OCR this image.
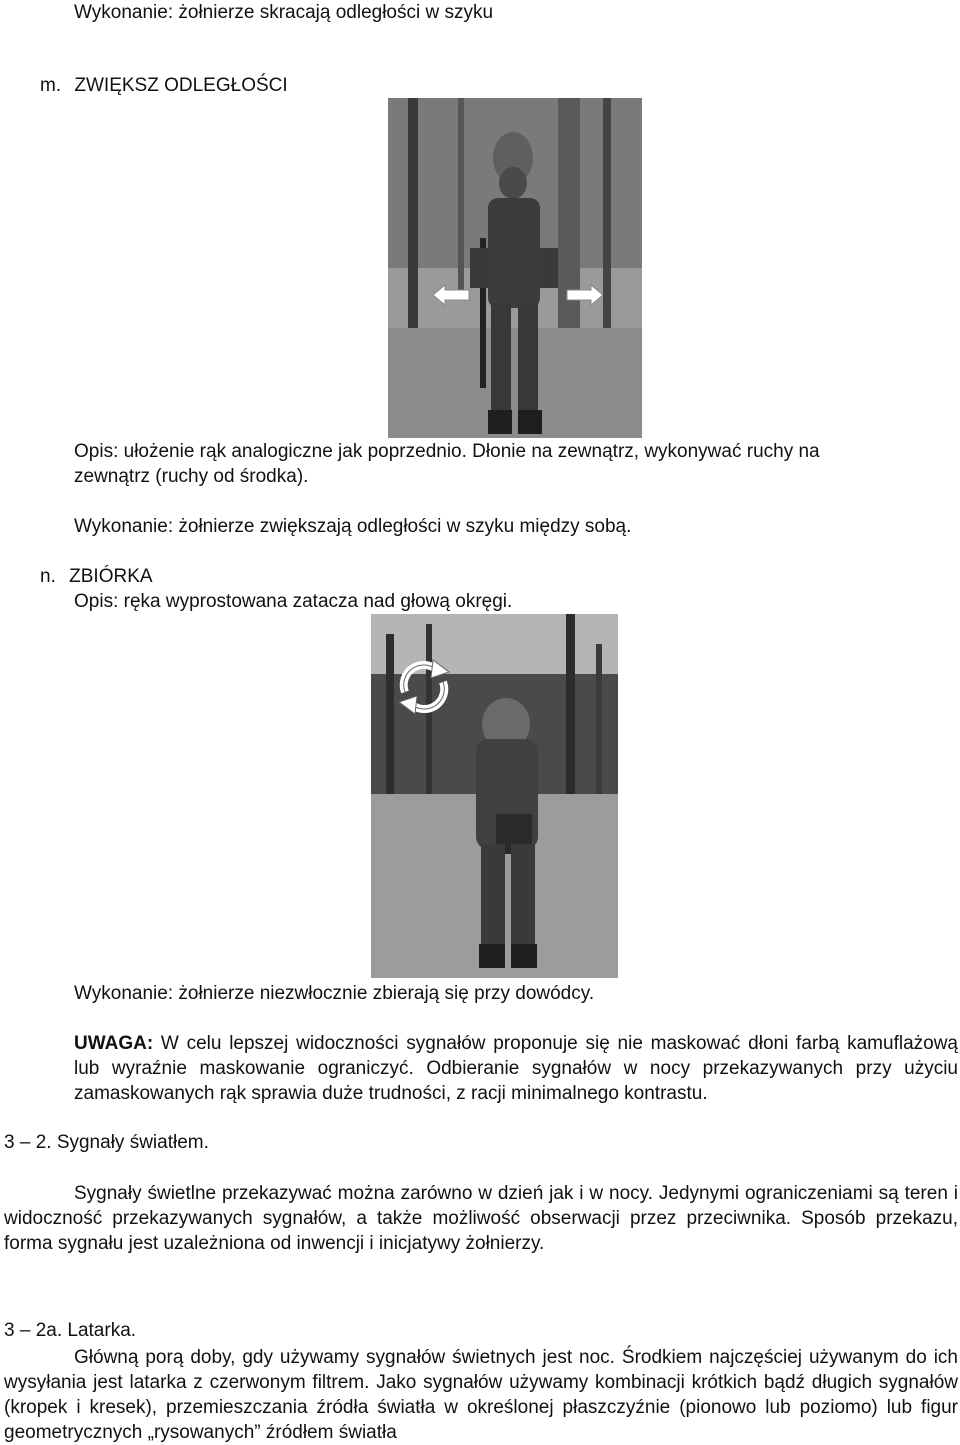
Wykonanie: żołnierze skracają odległości w szyku
m. ZWIĘKSZ ODLEGŁOŚCI
Opis: ułożenie rąk analogiczne jak poprzednio. Dłonie na zewnątrz, wykonywać ruchy na
zewnątrz (ruchy od środka).
Wykonanie: żołnierze zwiększają odległości w szyku między sobą.
n. ZBIÓRKA
Opis: ręka wyprostowana zatacza nad głową okręgi.
Wykonanie: żołnierze niezwłocznie zbierają się przy dowódcy.
UWAGA: W celu lepszej widoczności sygnałów proponuje się nie maskować dłoni farbą kamuflażową lub wyraźnie maskowanie ograniczyć. Odbieranie sygnałów w nocy przekazywanych przy użyciu zamaskowanych rąk sprawia duże trudności, z racji minimalnego kontrastu.
3 – 2. Sygnały światłem.
Sygnały świetlne przekazywać można zarówno w dzień jak i w nocy. Jedynymi ograniczeniami są teren i widoczność przekazywanych sygnałów, a także możliwość obserwacji przez przeciwnika. Sposób przekazu, forma sygnału jest uzależniona od inwencji i inicjatywy żołnierzy.
3 – 2a. Latarka.
Główną porą doby, gdy używamy sygnałów świetnych jest noc. Środkiem najczęściej używanym do ich wysyłania jest latarka z czerwonym filtrem. Jako sygnałów używamy kombinacji krótkich bądź długich sygnałów (kropek i kresek), przemieszczania źródła światła w określonej płaszczyźnie (pionowo lub poziomo) lub figur geometrycznych „rysowanych” źródłem światła
